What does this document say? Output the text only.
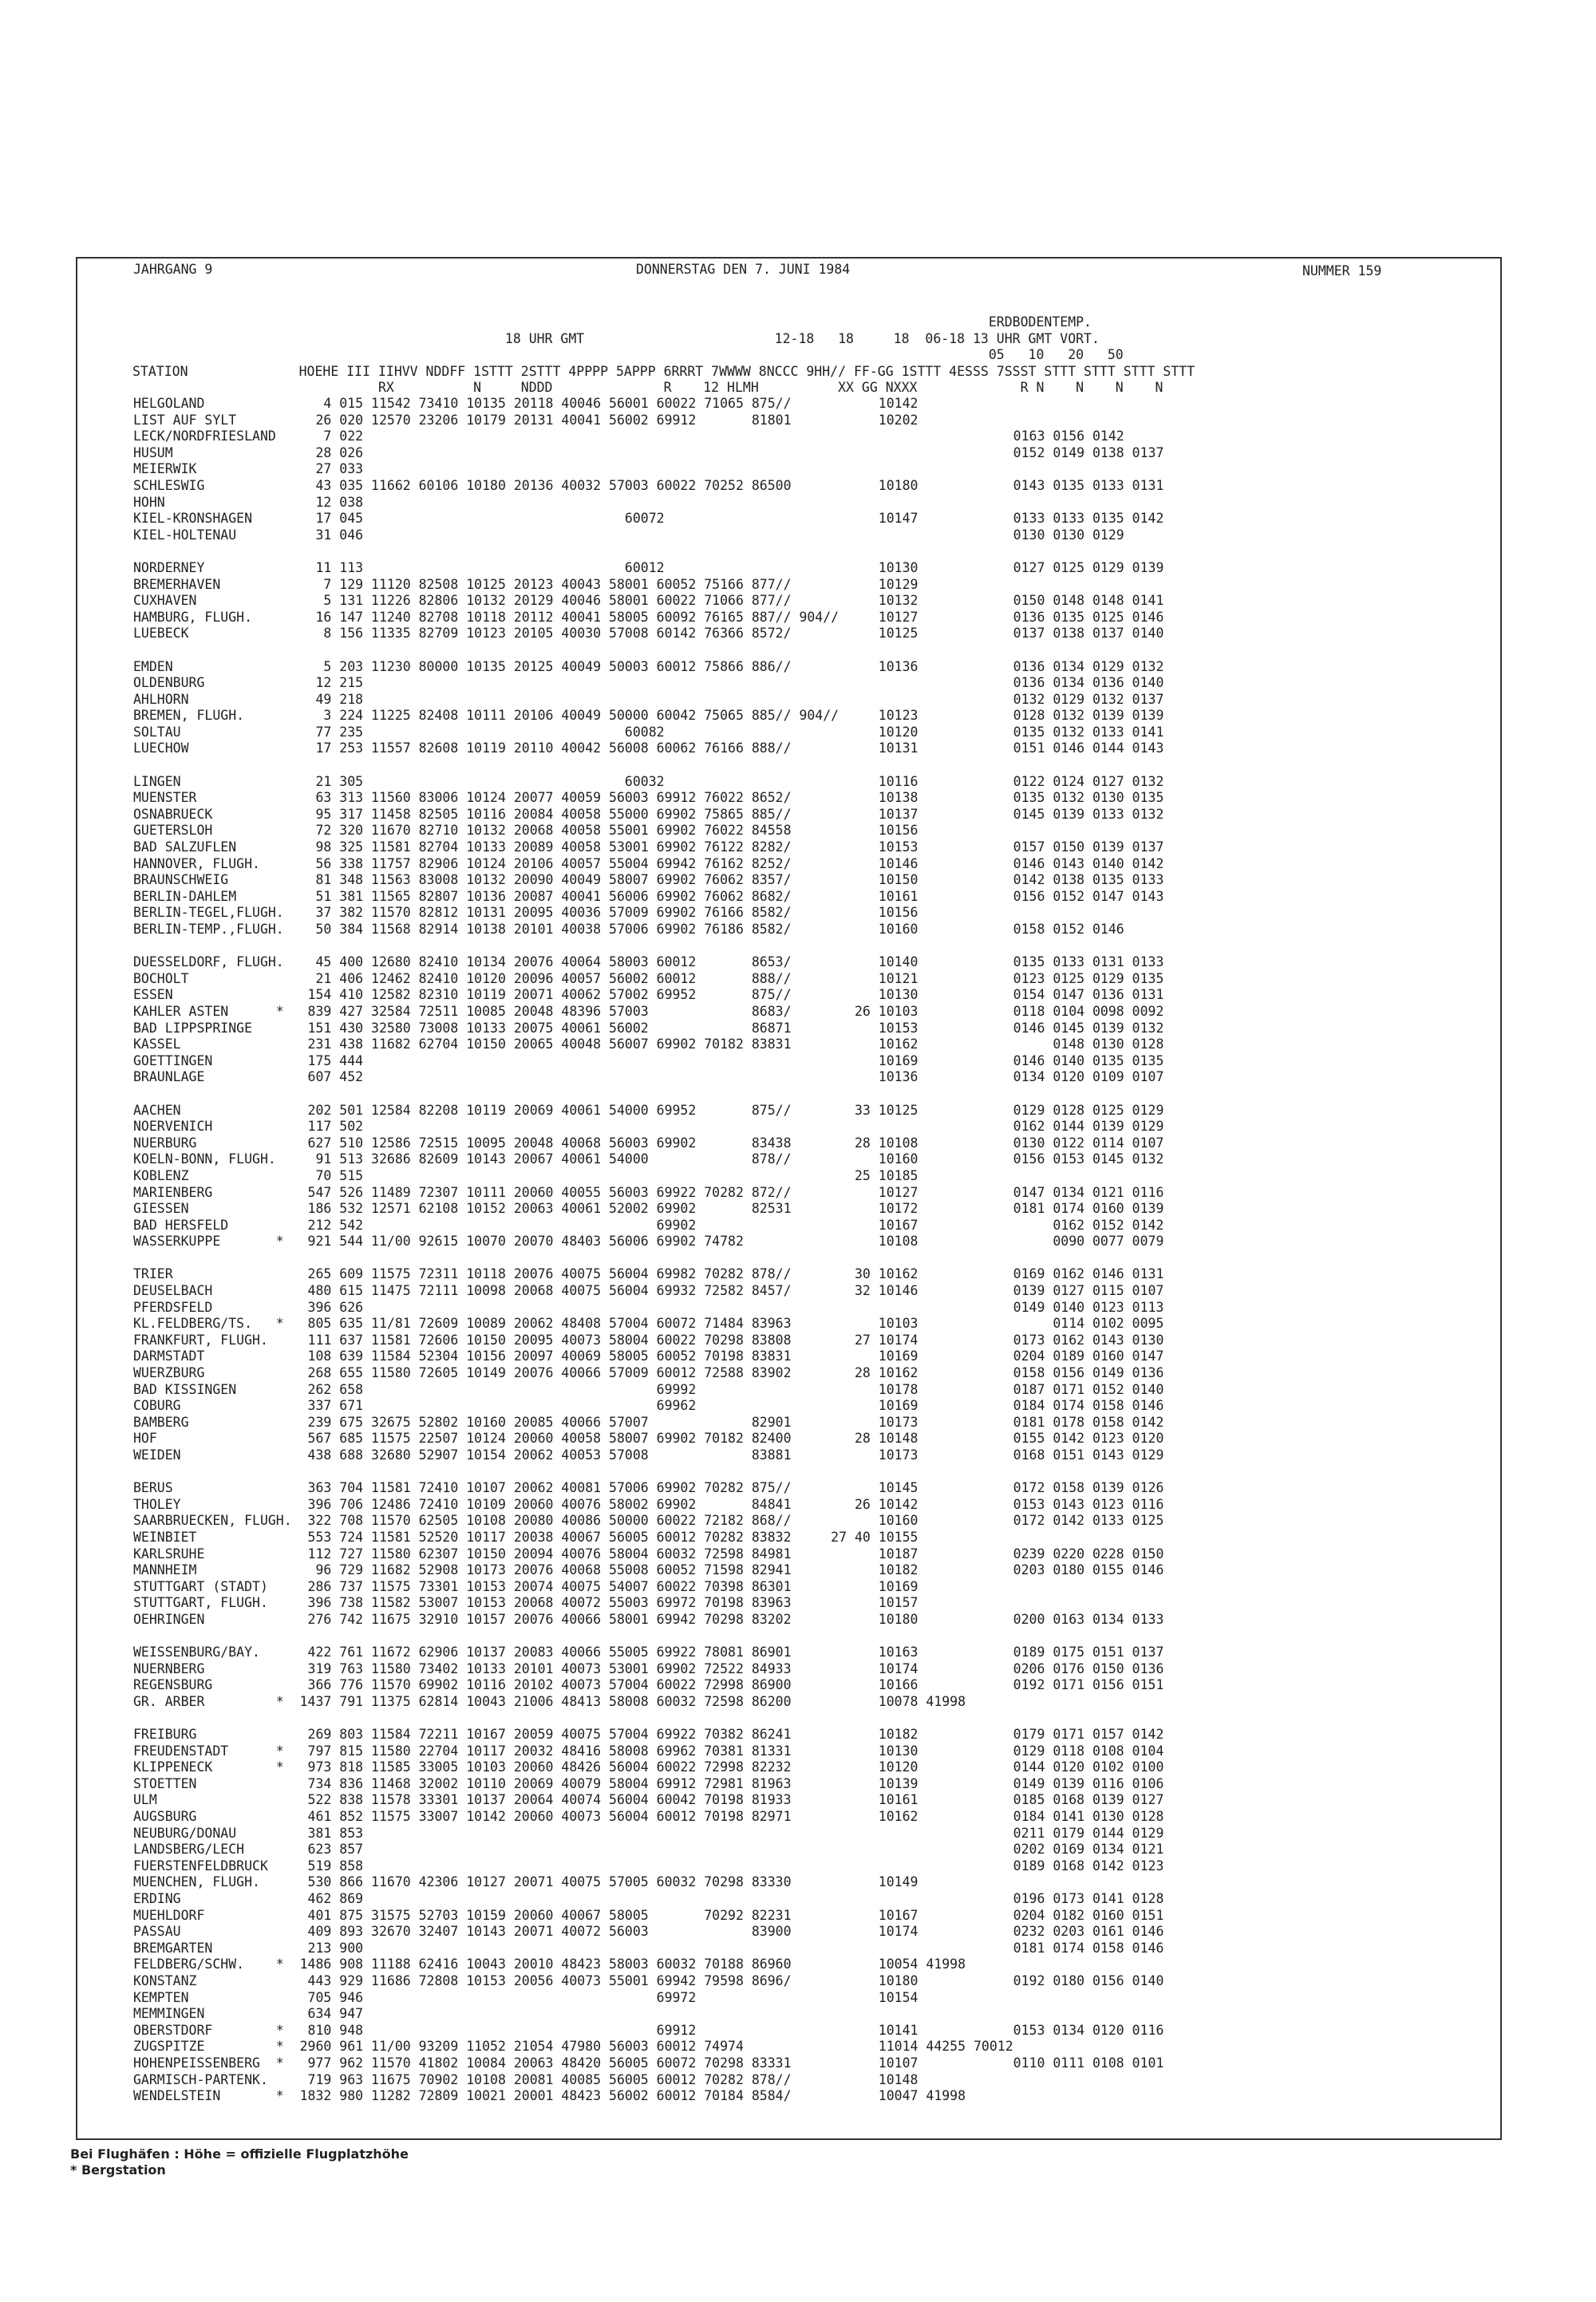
JAHRGANG 9	DONNERSTAG DEN 7. JUNI 1984	NUMMER 159
ERDBODENTEMP.
18 UHR GMT                        12-18   18     18  06-18 13 UHR GMT VORT.
05   10   20   50
STATION              HOEHE III IIHVV NDDFF 1STTT 2STTT 4PPPP 5APPP 6RRRT 7WWWW 8NCCC 9HH// FF-GG 1STTT 4ESSS 7SSST STTT STTT STTT STTT
RX          N     NDDD              R    12 HLMH          XX GG NXXX             R N    N    N    N
HELGOLAND               4 015 11542 73410 10135 20118 40046 56001 60022 71065 875//           10142
LIST AUF SYLT          26 020 12570 23206 10179 20131 40041 56002 69912       81801           10202
LECK/NORDFRIESLAND      7 022                                                                                  0163 0156 0142
HUSUM                  28 026                                                                                  0152 0149 0138 0137
MEIERWIK               27 033
SCHLESWIG              43 035 11662 60106 10180 20136 40032 57003 60022 70252 86500           10180            0143 0135 0133 0131
HOHN                   12 038
KIEL-KRONSHAGEN        17 045                                 60072                           10147            0133 0133 0135 0142
KIEL-HOLTENAU          31 046                                                                                  0130 0130 0129
NORDERNEY              11 113                                 60012                           10130            0127 0125 0129 0139
BREMERHAVEN             7 129 11120 82508 10125 20123 40043 58001 60052 75166 877//           10129
CUXHAVEN                5 131 11226 82806 10132 20129 40046 58001 60022 71066 877//           10132            0150 0148 0148 0141
HAMBURG, FLUGH.        16 147 11240 82708 10118 20112 40041 58005 60092 76165 887// 904//     10127            0136 0135 0125 0146
LUEBECK                 8 156 11335 82709 10123 20105 40030 57008 60142 76366 8572/           10125            0137 0138 0137 0140
EMDEN                   5 203 11230 80000 10135 20125 40049 50003 60012 75866 886//           10136            0136 0134 0129 0132
OLDENBURG              12 215                                                                                  0136 0134 0136 0140
AHLHORN                49 218                                                                                  0132 0129 0132 0137
BREMEN, FLUGH.          3 224 11225 82408 10111 20106 40049 50000 60042 75065 885// 904//     10123            0128 0132 0139 0139
SOLTAU                 77 235                                 60082                           10120            0135 0132 0133 0141
LUECHOW                17 253 11557 82608 10119 20110 40042 56008 60062 76166 888//           10131            0151 0146 0144 0143
LINGEN                 21 305                                 60032                           10116            0122 0124 0127 0132
MUENSTER               63 313 11560 83006 10124 20077 40059 56003 69912 76022 8652/           10138            0135 0132 0130 0135
OSNABRUECK             95 317 11458 82505 10116 20084 40058 55000 69902 75865 885//           10137            0145 0139 0133 0132
GUETERSLOH             72 320 11670 82710 10132 20068 40058 55001 69902 76022 84558           10156
BAD SALZUFLEN          98 325 11581 82704 10133 20089 40058 53001 69902 76122 8282/           10153            0157 0150 0139 0137
HANNOVER, FLUGH.       56 338 11757 82906 10124 20106 40057 55004 69942 76162 8252/           10146            0146 0143 0140 0142
BRAUNSCHWEIG           81 348 11563 83008 10132 20090 40049 58007 69902 76062 8357/           10150            0142 0138 0135 0133
BERLIN-DAHLEM          51 381 11565 82807 10136 20087 40041 56006 69902 76062 8682/           10161            0156 0152 0147 0143
BERLIN-TEGEL,FLUGH.    37 382 11570 82812 10131 20095 40036 57009 69902 76166 8582/           10156
BERLIN-TEMP.,FLUGH.    50 384 11568 82914 10138 20101 40038 57006 69902 76186 8582/           10160            0158 0152 0146
DUESSELDORF, FLUGH.    45 400 12680 82410 10134 20076 40064 58003 60012       8653/           10140            0135 0133 0131 0133
BOCHOLT                21 406 12462 82410 10120 20096 40057 56002 60012       888//           10121            0123 0125 0129 0135
ESSEN                 154 410 12582 82310 10119 20071 40062 57002 69952       875//           10130            0154 0147 0136 0131
KAHLER ASTEN      *   839 427 32584 72511 10085 20048 48396 57003             8683/        26 10103            0118 0104 0098 0092
BAD LIPPSPRINGE       151 430 32580 73008 10133 20075 40061 56002             86871           10153            0146 0145 0139 0132
KASSEL                231 438 11682 62704 10150 20065 40048 56007 69902 70182 83831           10162                 0148 0130 0128
GOETTINGEN            175 444                                                                 10169            0146 0140 0135 0135
BRAUNLAGE             607 452                                                                 10136            0134 0120 0109 0107
AACHEN                202 501 12584 82208 10119 20069 40061 54000 69952       875//        33 10125            0129 0128 0125 0129
NOERVENICH            117 502                                                                                  0162 0144 0139 0129
NUERBURG              627 510 12586 72515 10095 20048 40068 56003 69902       83438        28 10108            0130 0122 0114 0107
KOELN-BONN, FLUGH.     91 513 32686 82609 10143 20067 40061 54000             878//           10160            0156 0153 0145 0132
KOBLENZ                70 515                                                              25 10185
MARIENBERG            547 526 11489 72307 10111 20060 40055 56003 69922 70282 872//           10127            0147 0134 0121 0116
GIESSEN               186 532 12571 62108 10152 20063 40061 52002 69902       82531           10172            0181 0174 0160 0139
BAD HERSFELD          212 542                                     69902                       10167                 0162 0152 0142
WASSERKUPPE       *   921 544 11/00 92615 10070 20070 48403 56006 69902 74782                 10108                 0090 0077 0079
TRIER                 265 609 11575 72311 10118 20076 40075 56004 69982 70282 878//        30 10162            0169 0162 0146 0131
DEUSELBACH            480 615 11475 72111 10098 20068 40075 56004 69932 72582 8457/        32 10146            0139 0127 0115 0107
PFERDSFELD            396 626                                                                                  0149 0140 0123 0113
KL.FELDBERG/TS.   *   805 635 11/81 72609 10089 20062 48408 57004 60072 71484 83963           10103                 0114 0102 0095
FRANKFURT, FLUGH.     111 637 11581 72606 10150 20095 40073 58004 60022 70298 83808        27 10174            0173 0162 0143 0130
DARMSTADT             108 639 11584 52304 10156 20097 40069 58005 60052 70198 83831           10169            0204 0189 0160 0147
WUERZBURG             268 655 11580 72605 10149 20076 40066 57009 60012 72588 83902        28 10162            0158 0156 0149 0136
BAD KISSINGEN         262 658                                     69992                       10178            0187 0171 0152 0140
COBURG                337 671                                     69962                       10169            0184 0174 0158 0146
BAMBERG               239 675 32675 52802 10160 20085 40066 57007             82901           10173            0181 0178 0158 0142
HOF                   567 685 11575 22507 10124 20060 40058 58007 69902 70182 82400        28 10148            0155 0142 0123 0120
WEIDEN                438 688 32680 52907 10154 20062 40053 57008             83881           10173            0168 0151 0143 0129
BERUS                 363 704 11581 72410 10107 20062 40081 57006 69902 70282 875//           10145            0172 0158 0139 0126
THOLEY                396 706 12486 72410 10109 20060 40076 58002 69902       84841        26 10142            0153 0143 0123 0116
SAARBRUECKEN, FLUGH.  322 708 11570 62505 10108 20080 40086 50000 60022 72182 868//           10160            0172 0142 0133 0125
WEINBIET              553 724 11581 52520 10117 20038 40067 56005 60012 70282 83832     27 40 10155
KARLSRUHE             112 727 11580 62307 10150 20094 40076 58004 60032 72598 84981           10187            0239 0220 0228 0150
MANNHEIM               96 729 11682 52908 10173 20076 40068 55008 60052 71598 82941           10182            0203 0180 0155 0146
STUTTGART (STADT)     286 737 11575 73301 10153 20074 40075 54007 60022 70398 86301           10169
STUTTGART, FLUGH.     396 738 11582 53007 10153 20068 40072 55003 69972 70198 83963           10157
OEHRINGEN             276 742 11675 32910 10157 20076 40066 58001 69942 70298 83202           10180            0200 0163 0134 0133
WEISSENBURG/BAY.      422 761 11672 62906 10137 20083 40066 55005 69922 78081 86901           10163            0189 0175 0151 0137
NUERNBERG             319 763 11580 73402 10133 20101 40073 53001 69902 72522 84933           10174            0206 0176 0150 0136
REGENSBURG            366 776 11570 69902 10116 20102 40073 57004 60022 72998 86900           10166            0192 0171 0156 0151
GR. ARBER         *  1437 791 11375 62814 10043 21006 48413 58008 60032 72598 86200           10078 41998
FREIBURG              269 803 11584 72211 10167 20059 40075 57004 69922 70382 86241           10182            0179 0171 0157 0142
FREUDENSTADT      *   797 815 11580 22704 10117 20032 48416 58008 69962 70381 81331           10130            0129 0118 0108 0104
KLIPPENECK        *   973 818 11585 33005 10103 20060 48426 56004 60022 72998 82232           10120            0144 0120 0102 0100
STOETTEN              734 836 11468 32002 10110 20069 40079 58004 69912 72981 81963           10139            0149 0139 0116 0106
ULM                   522 838 11578 33301 10137 20064 40074 56004 60042 70198 81933           10161            0185 0168 0139 0127
AUGSBURG              461 852 11575 33007 10142 20060 40073 56004 60012 70198 82971           10162            0184 0141 0130 0128
NEUBURG/DONAU         381 853                                                                                  0211 0179 0144 0129
LANDSBERG/LECH        623 857                                                                                  0202 0169 0134 0121
FUERSTENFELDBRUCK     519 858                                                                                  0189 0168 0142 0123
MUENCHEN, FLUGH.      530 866 11670 42306 10127 20071 40075 57005 60032 70298 83330           10149
ERDING                462 869                                                                                  0196 0173 0141 0128
MUEHLDORF             401 875 31575 52703 10159 20060 40067 58005       70292 82231           10167            0204 0182 0160 0151
PASSAU                409 893 32670 32407 10143 20071 40072 56003             83900           10174            0232 0203 0161 0146
BREMGARTEN            213 900                                                                                  0181 0174 0158 0146
FELDBERG/SCHW.    *  1486 908 11188 62416 10043 20010 48423 58003 60032 70188 86960           10054 41998
KONSTANZ              443 929 11686 72808 10153 20056 40073 55001 69942 79598 8696/           10180            0192 0180 0156 0140
KEMPTEN               705 946                                     69972                       10154
MEMMINGEN             634 947
OBERSTDORF        *   810 948                                     69912                       10141            0153 0134 0120 0116
ZUGSPITZE         *  2960 961 11/00 93209 11052 21054 47980 56003 60012 74974                 11014 44255 70012
HOHENPEISSENBERG  *   977 962 11570 41802 10084 20063 48420 56005 60072 70298 83331           10107            0110 0111 0108 0101
GARMISCH-PARTENK.     719 963 11675 70902 10108 20081 40085 56005 60012 70282 878//           10148
WENDELSTEIN       *  1832 980 11282 72809 10021 20001 48423 56002 60012 70184 8584/           10047 41998
Bei Flughäfen : Höhe = offizielle Flugplatzhöhe
* Bergstation
